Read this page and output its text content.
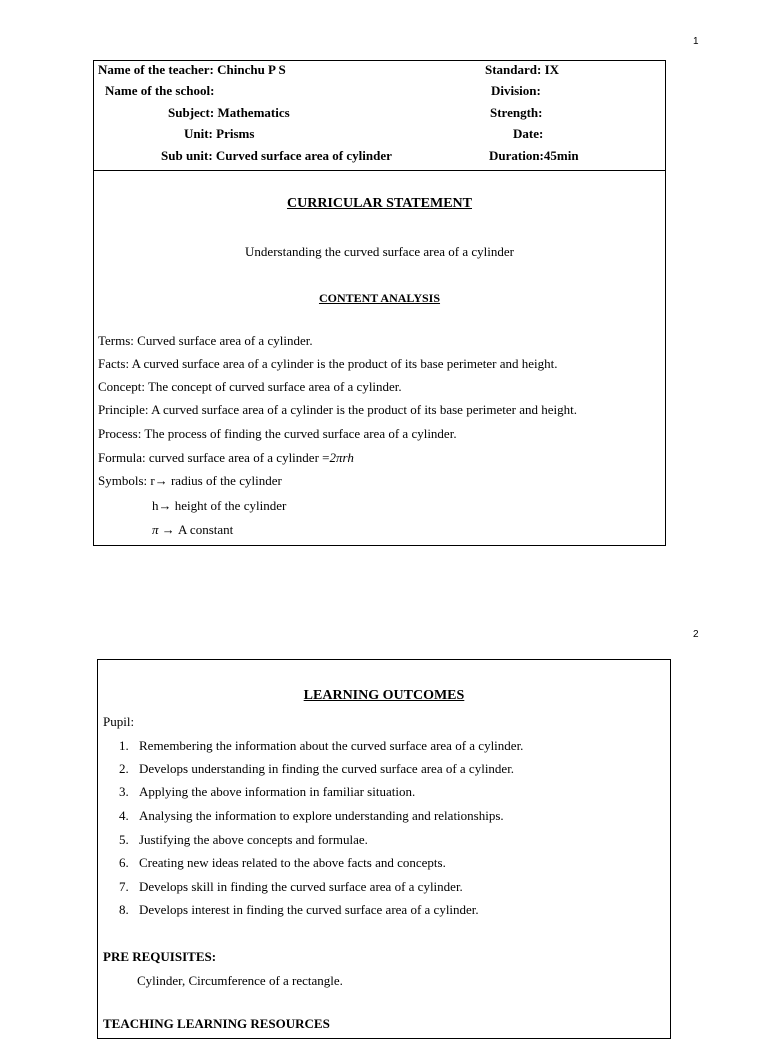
1
Name of the teacher: Chinchu P S
Name of the school:
Subject: Mathematics
Unit: Prisms
Sub unit: Curved surface area of cylinder
Standard: IX
Division:
Strength:
Date:
Duration:45min
CURRICULAR STATEMENT
Understanding the curved surface area of a cylinder
CONTENT ANALYSIS
Terms: Curved surface area of a cylinder.
Facts: A curved surface area of a cylinder is the product of its base perimeter and height.
Concept: The concept of curved surface area of a cylinder.
Principle: A curved surface area of a cylinder is the product of its base perimeter and height.
Process: The process of finding the curved surface area of a cylinder.
Formula: curved surface area of a cylinder =2πrh
Symbols: r→ radius of the cylinder
h→ height of the cylinder
π → A constant
2
LEARNING OUTCOMES
Pupil:
1. Remembering the information about the curved surface area of a cylinder.
2. Develops understanding in finding the curved surface area of a cylinder.
3. Applying the above information in familiar situation.
4. Analysing the information to explore understanding and relationships.
5. Justifying the above concepts and formulae.
6. Creating new ideas related to the above facts and concepts.
7. Develops skill in finding the curved surface area of a cylinder.
8. Develops interest in finding the curved surface area of a cylinder.
PRE REQUISITES:
Cylinder, Circumference of a rectangle.
TEACHING LEARNING RESOURCES
